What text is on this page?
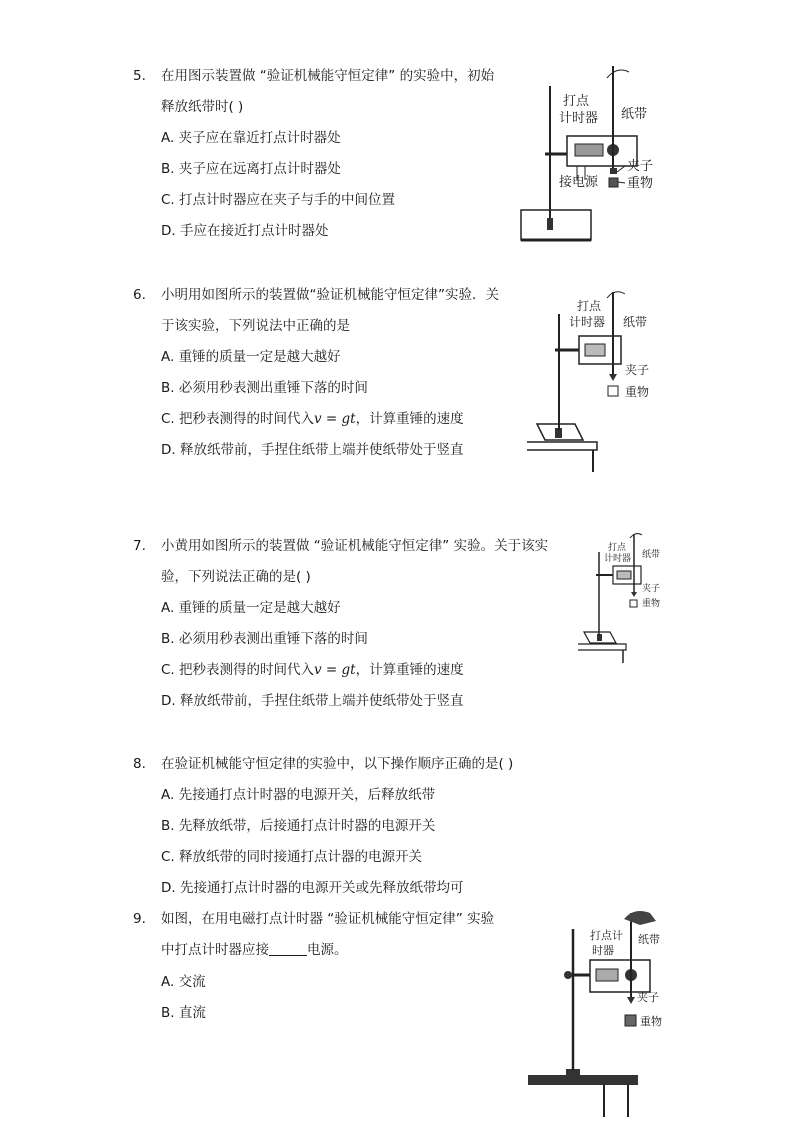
5. 在用图示装置做 “验证机械能守恒定律” 的实验中，初始
释放纸带时( )
A. 夹子应在靠近打点计时器处
B. 夹子应在远离打点计时器处
C. 打点计时器应在夹子与手的中间位置
D. 手应在接近打点计时器处
打点
计时器 纸带
接电源
夹子
重物
6. 小明用如图所示的装置做“验证机械能守恒定律”实验．关
于该实验，下列说法中正确的是
A. 重锤的质量一定是越大越好
B. 必须用秒表测出重锤下落的时间
C. 把秒表测得的时间代入v = gt，计算重锤的速度
D. 释放纸带前，手捏住纸带上端并使纸带处于竖直
打点
计时器 纸带
夹子
重物
7. 小黄用如图所示的装置做 “验证机械能守恒定律” 实验。关于该实
验，下列说法正确的是( )
A. 重锤的质量一定是越大越好
B. 必须用秒表测出重锤下落的时间
C. 把秒表测得的时间代入v = gt，计算重锤的速度
D. 释放纸带前，手捏住纸带上端并使纸带处于竖直
打点
计时器 纸带
夹子
重物
8. 在验证机械能守恒定律的实验中，以下操作顺序正确的是( )
A. 先接通打点计时器的电源开关，后释放纸带
B. 先释放纸带，后接通打点计时器的电源开关
C. 释放纸带的同时接通打点计器的电源开关
D. 先接通打点计时器的电源开关或先释放纸带均可
9. 如图，在用电磁打点计时器 “验证机械能守恒定律” 实验
中打点计时器应接	电源。
A. 交流
B. 直流
打点计
时器
纸带
夹子
重物
